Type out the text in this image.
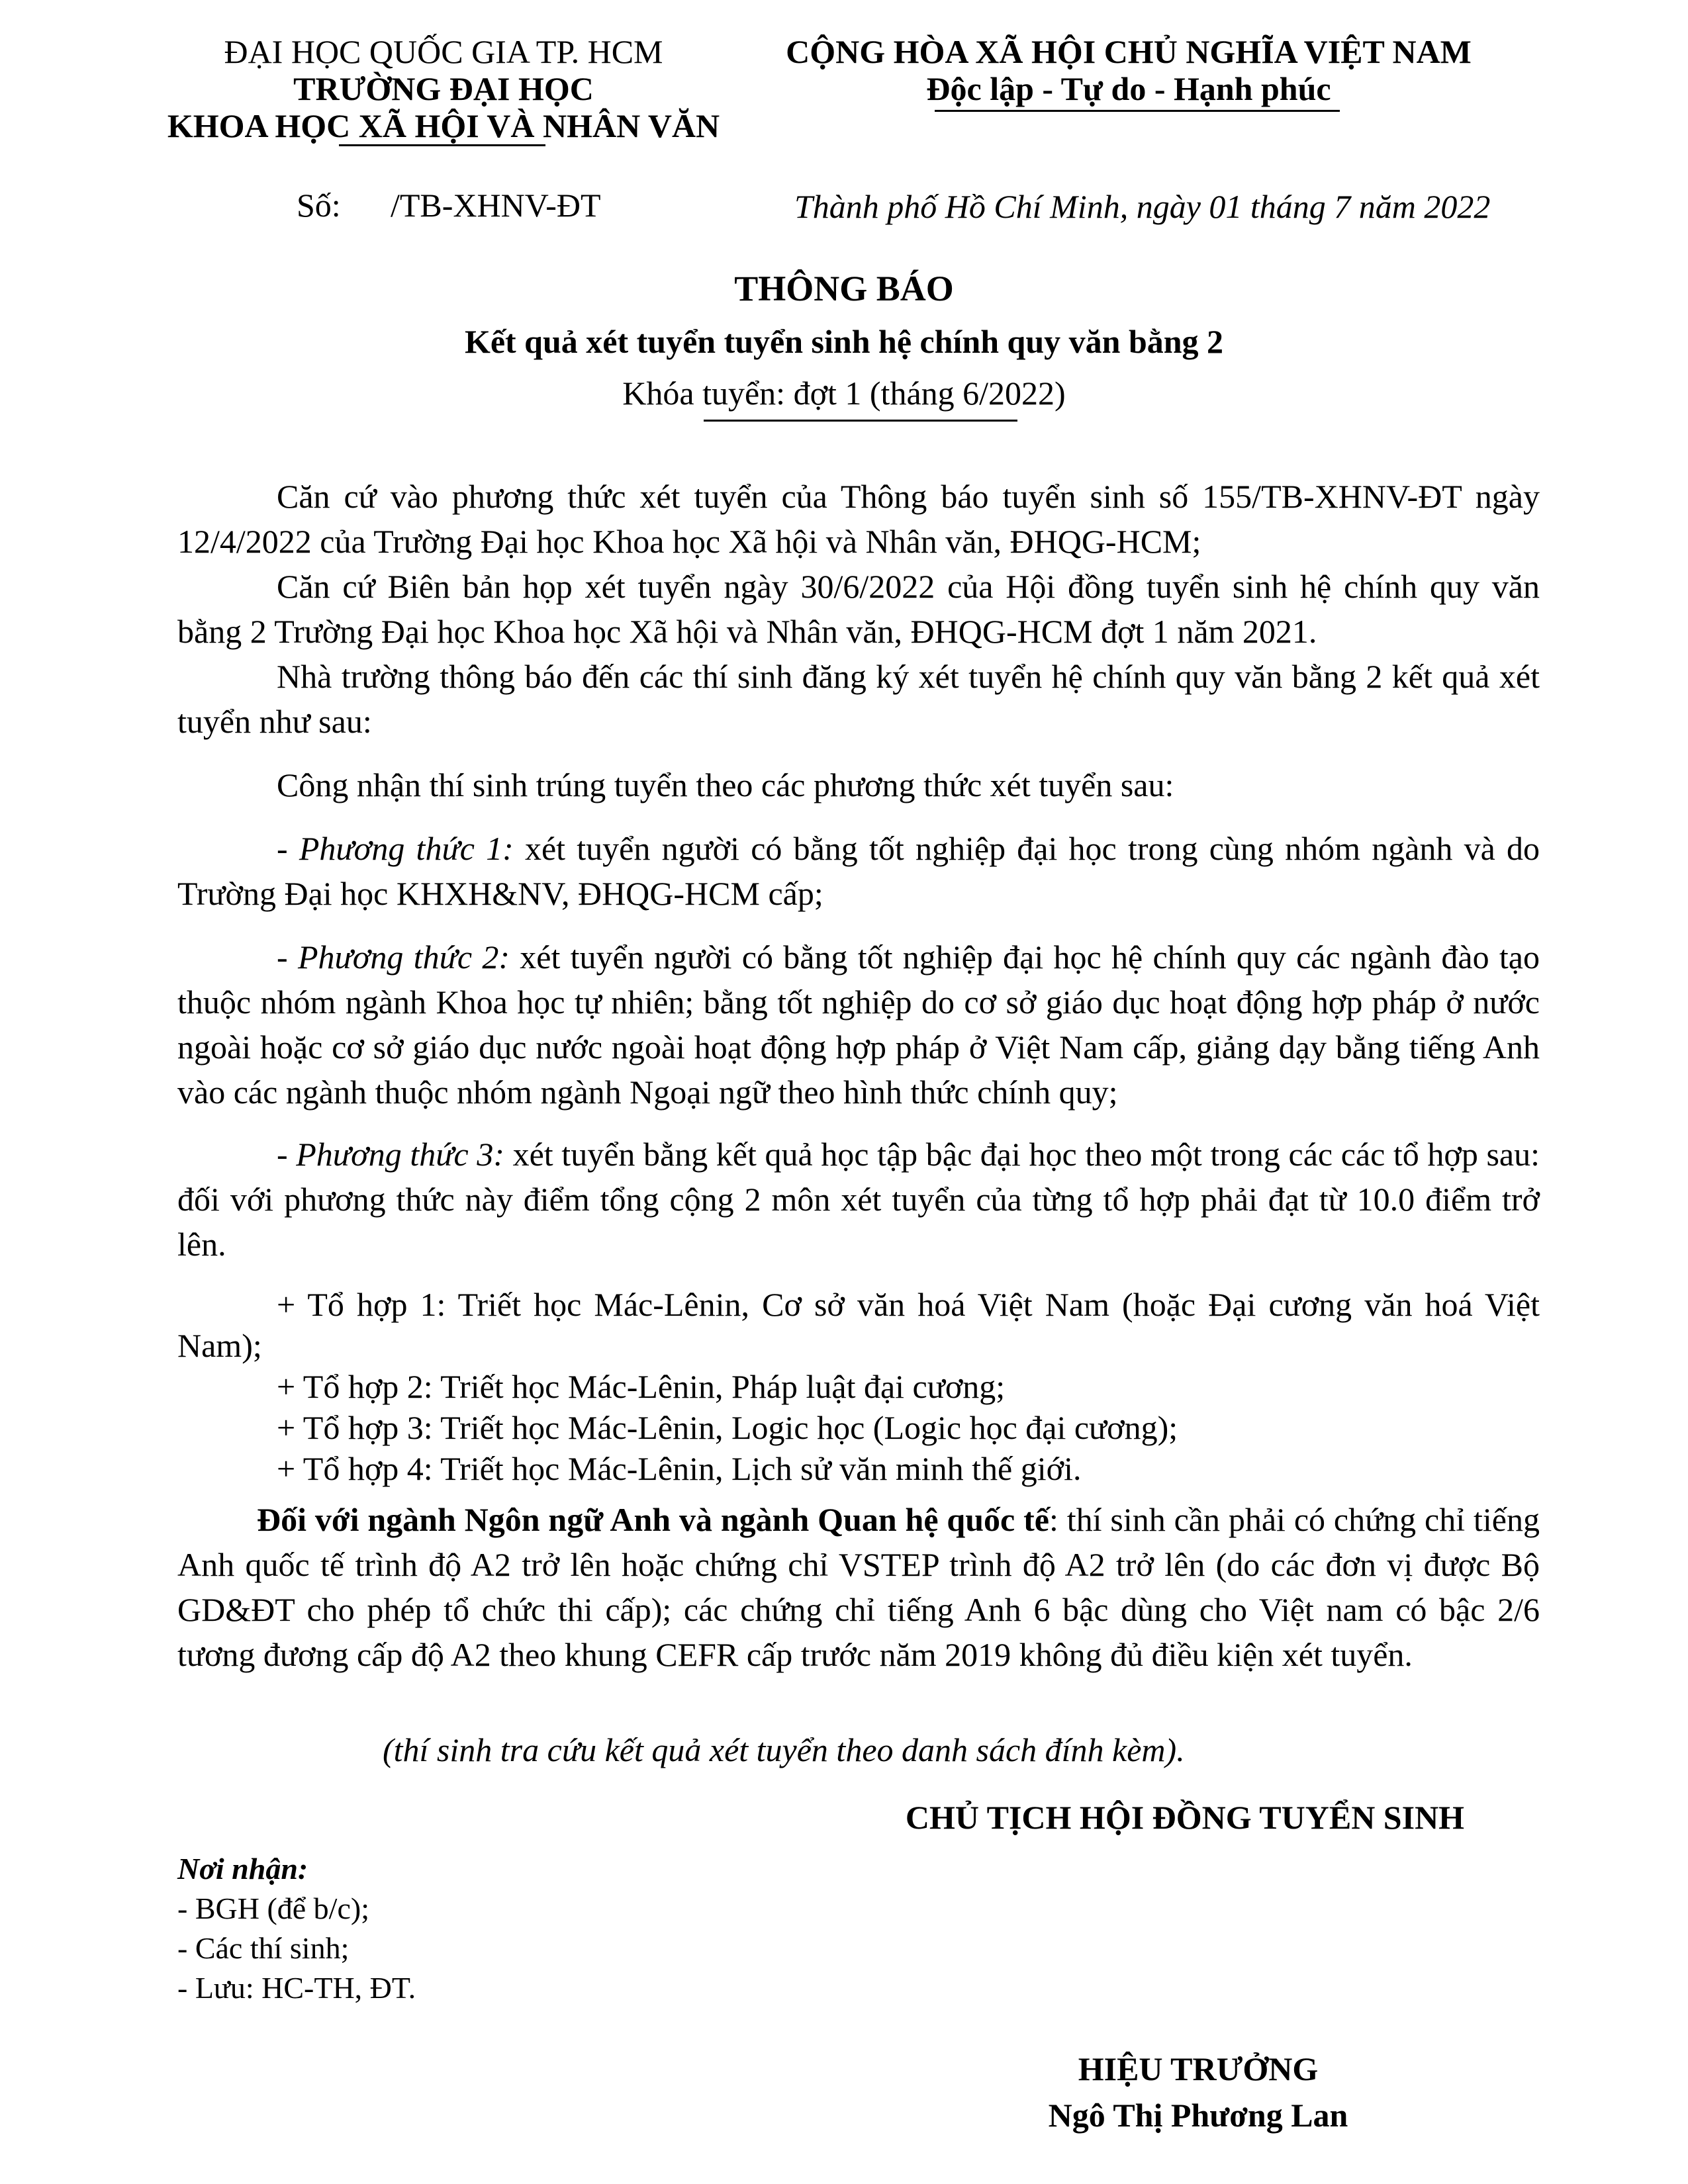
ĐẠI HỌC QUỐC GIA TP. HCM
TRƯỜNG ĐẠI HỌC
KHOA HỌC XÃ HỘI VÀ NHÂN VĂN
CỘNG HÒA XÃ HỘI CHỦ NGHĨA VIỆT NAM
Độc lập - Tự do - Hạnh phúc
Số: /TB-XHNV-ĐT	Thành phố Hồ Chí Minh, ngày 01 tháng 7 năm 2022
THÔNG BÁO
Kết quả xét tuyển tuyển sinh hệ chính quy văn bằng 2
Khóa tuyển: đợt 1 (tháng 6/2022)
Căn cứ vào phương thức xét tuyển của Thông báo tuyển sinh số 155/TB-XHNV-ĐT ngày 12/4/2022 của Trường Đại học Khoa học Xã hội và Nhân văn, ĐHQG-HCM;
Căn cứ Biên bản họp xét tuyển ngày 30/6/2022 của Hội đồng tuyển sinh hệ chính quy văn bằng 2 Trường Đại học Khoa học Xã hội và Nhân văn, ĐHQG-HCM đợt 1 năm 2021.
Nhà trường thông báo đến các thí sinh đăng ký xét tuyển hệ chính quy văn bằng 2 kết quả xét tuyển như sau:
Công nhận thí sinh trúng tuyển theo các phương thức xét tuyển sau:
- Phương thức 1: xét tuyển người có bằng tốt nghiệp đại học trong cùng nhóm ngành và do Trường Đại học KHXH&NV, ĐHQG-HCM cấp;
- Phương thức 2: xét tuyển người có bằng tốt nghiệp đại học hệ chính quy các ngành đào tạo thuộc nhóm ngành Khoa học tự nhiên; bằng tốt nghiệp do cơ sở giáo dục hoạt động hợp pháp ở nước ngoài hoặc cơ sở giáo dục nước ngoài hoạt động hợp pháp ở Việt Nam cấp, giảng dạy bằng tiếng Anh vào các ngành thuộc nhóm ngành Ngoại ngữ theo hình thức chính quy;
- Phương thức 3: xét tuyển bằng kết quả học tập bậc đại học theo một trong các các tổ hợp sau: đối với phương thức này điểm tổng cộng 2 môn xét tuyển của từng tổ hợp phải đạt từ 10.0 điểm trở lên.
+ Tổ hợp 1: Triết học Mác-Lênin, Cơ sở văn hoá Việt Nam (hoặc Đại cương văn hoá Việt Nam);
+ Tổ hợp 2: Triết học Mác-Lênin, Pháp luật đại cương;
+ Tổ hợp 3: Triết học Mác-Lênin, Logic học (Logic học đại cương);
+ Tổ hợp 4: Triết học Mác-Lênin, Lịch sử văn minh thế giới.
Đối với ngành Ngôn ngữ Anh và ngành Quan hệ quốc tế: thí sinh cần phải có chứng chỉ tiếng Anh quốc tế trình độ A2 trở lên hoặc chứng chỉ VSTEP trình độ A2 trở lên (do các đơn vị được Bộ GD&ĐT cho phép tổ chức thi cấp); các chứng chỉ tiếng Anh 6 bậc dùng cho Việt nam có bậc 2/6 tương đương cấp độ A2 theo khung CEFR cấp trước năm 2019 không đủ điều kiện xét tuyển.
(thí sinh tra cứu kết quả xét tuyển theo danh sách đính kèm).
CHỦ TỊCH HỘI ĐỒNG TUYỂN SINH
Nơi nhận:
- BGH (để b/c);
- Các thí sinh;
- Lưu: HC-TH, ĐT.
HIỆU TRƯỞNG
Ngô Thị Phương Lan
